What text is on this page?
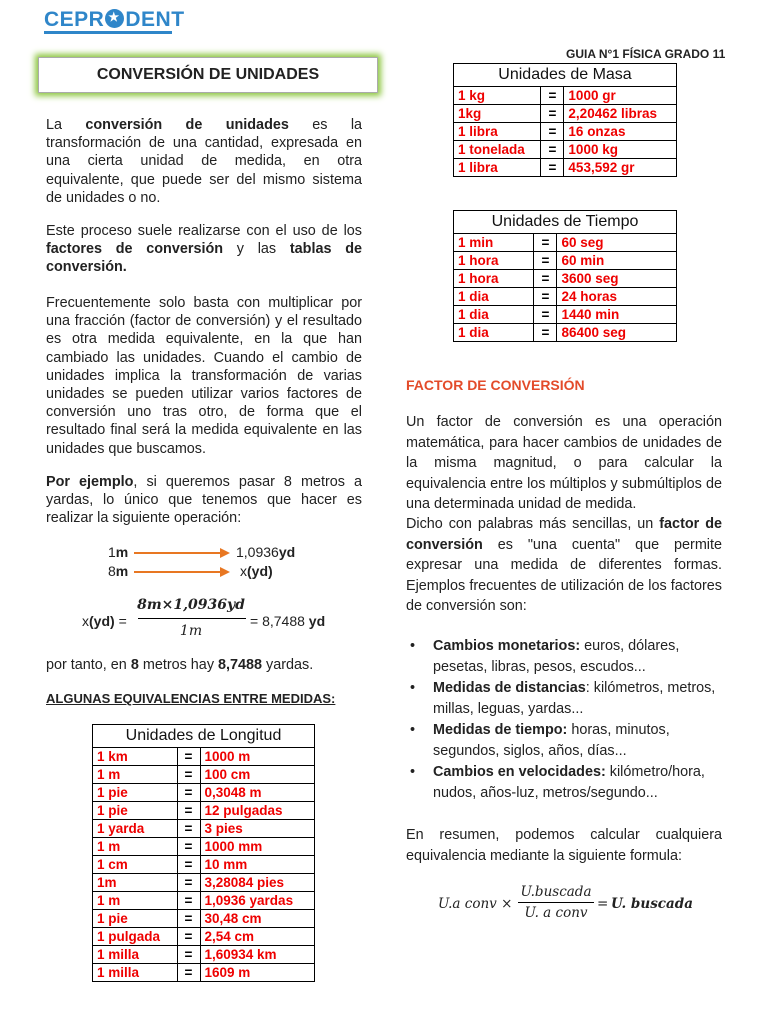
CEPR ★ DENT
GUIA N°1 FÍSICA GRADO 11
CONVERSIÓN DE UNIDADES
La conversión de unidades es la transformación de una cantidad, expresada en una cierta unidad de medida, en otra equivalente, que puede ser del mismo sistema de unidades o no.
Este proceso suele realizarse con el uso de los factores de conversión y las tablas de conversión.
Frecuentemente solo basta con multiplicar por una fracción (factor de conversión) y el resultado es otra medida equivalente, en la que han cambiado las unidades. Cuando el cambio de unidades implica la transformación de varias unidades se pueden utilizar varios factores de conversión uno tras otro, de forma que el resultado final será la medida equivalente en las unidades que buscamos.
Por ejemplo, si queremos pasar 8 metros a yardas, lo único que tenemos que hacer es realizar la siguiente operación:
1m	1,0936yd
8m	x(yd)
x(yd) =
8m×1,0936yd
1m
= 8,7488 yd
por tanto, en 8 metros hay 8,7488 yardas.
ALGUNAS EQUIVALENCIAS ENTRE MEDIDAS:
Unidades de Longitud		
1 km	=	1000 m
1 m	=	100 cm
1 pie	=	0,3048 m
1 pie	=	12 pulgadas
1 yarda	=	3 pies
1 m	=	1000 mm
1 cm	=	10 mm
1m	=	3,28084 pies
1 m	=	1,0936 yardas
1 pie	=	30,48 cm
1 pulgada	=	2,54 cm
1 milla	=	1,60934 km
1 milla	=	1609 m
Unidades de Masa		
1 kg	=	1000 gr
1kg	=	2,20462 libras
1 libra	=	16 onzas
1 tonelada	=	1000 kg
1 libra	=	453,592 gr
Unidades de Tiempo		
1 min	=	60 seg
1 hora	=	60 min
1 hora	=	3600 seg
1 dia	=	24 horas
1 dia	=	1440 min
1 dia	=	86400 seg
FACTOR DE CONVERSIÓN
Un factor de conversión es una operación matemática, para hacer cambios de unidades de la misma magnitud, o para calcular la equivalencia entre los múltiplos y submúltiplos de una determinada unidad de medida.
Dicho con palabras más sencillas, un factor de conversión es "una cuenta" que permite expresar una medida de diferentes formas. Ejemplos frecuentes de utilización de los factores de conversión son:
• Cambios monetarios: euros, dólares, pesetas, libras, pesos, escudos...
• Medidas de distancias: kilómetros, metros, millas, leguas, yardas...
• Medidas de tiempo: horas, minutos, segundos, siglos, años, días...
• Cambios en velocidades: kilómetro/hora, nudos, años-luz, metros/segundo...
En resumen, podemos calcular cualquiera equivalencia mediante la siguiente formula:
U.a conv ×
U.buscada
U. a conv
= U. buscada
